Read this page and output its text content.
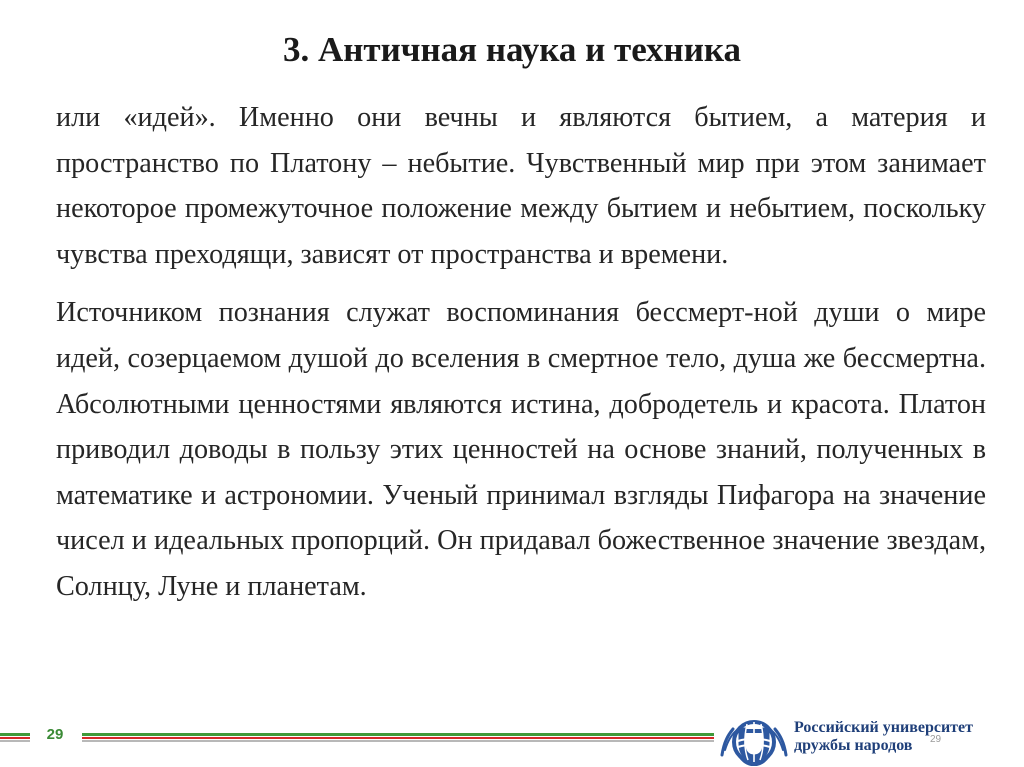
3. Античная наука и техника

или «идей». Именно они вечны и являются бытием, а материя и пространство по Платону – небытие. Чувственный мир при этом занимает некоторое промежуточное положение между бытием и небытием, поскольку чувства преходящи, зависят от пространства и времени.

Источником познания служат воспоминания бессмерт-ной души о мире идей, созерцаемом душой до вселения в смертное тело, душа же бессмертна. Абсолютными ценностями являются истина, добродетель и красота. Платон приводил доводы в пользу этих ценностей на основе знаний, полученных в математике и астрономии. Ученый принимал взгляды Пифагора на значение чисел и идеальных пропорций. Он придавал божественное значение звездам, Солнцу, Луне и планетам.

29	Российский университет
дружбы народов	29
